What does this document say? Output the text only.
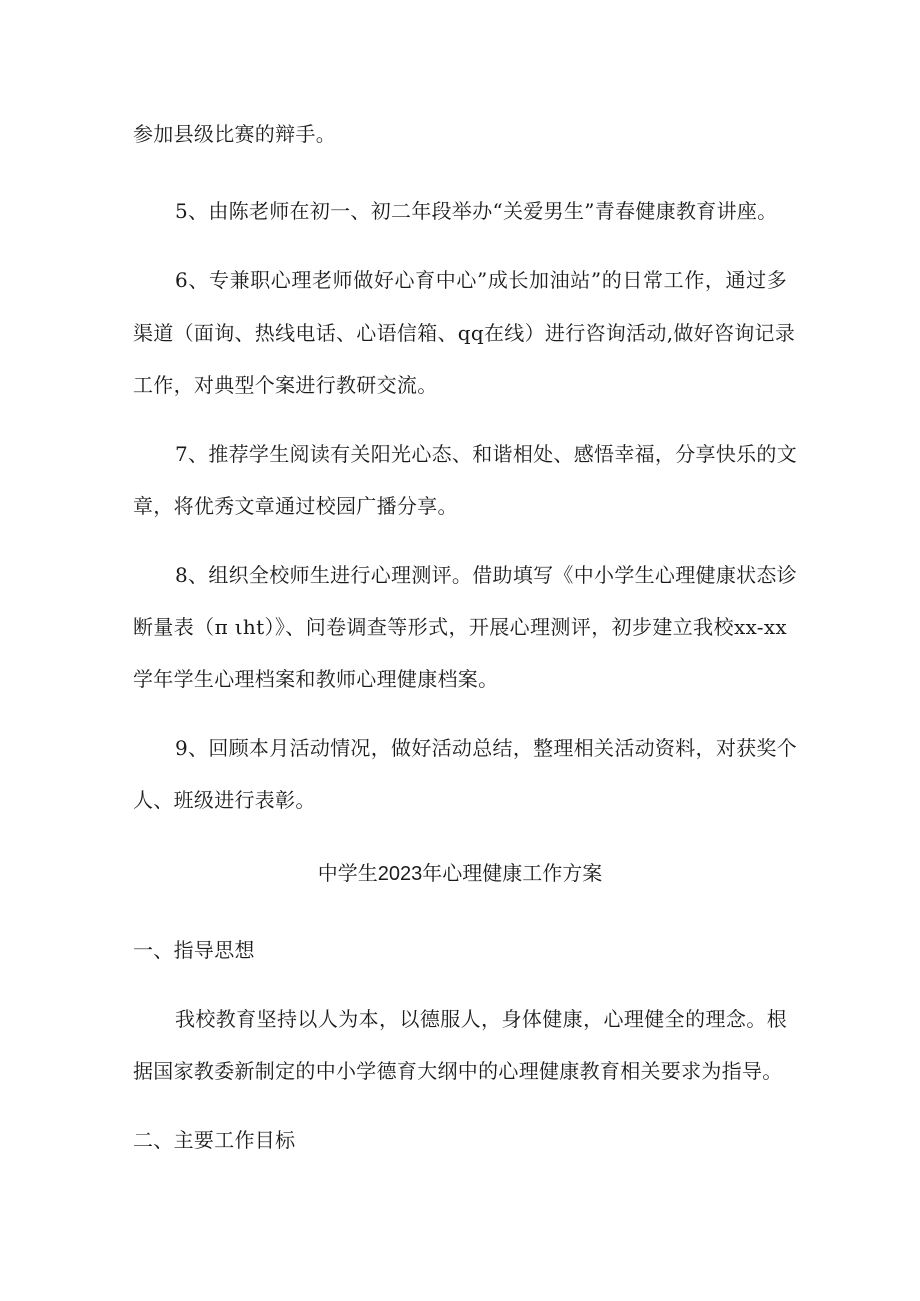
参加县级比赛的辩手。
5、由陈老师在初一、初二年段举办“关爱男生”青春健康教育讲座。
6、专兼职心理老师做好心育中心”成长加油站”的日常工作，通过多
渠道（面询、热线电话、心语信箱、qq在线）进行咨询活动,做好咨询记录
工作，对典型个案进行教研交流。
7、推荐学生阅读有关阳光心态、和谐相处、感悟幸福，分享快乐的文
章，将优秀文章通过校园广播分享。
8、组织全校师生进行心理测评。借助填写《中小学生心理健康状态诊
断量表（π ιht）》、问卷调查等形式，开展心理测评，初步建立我校xx-xx
学年学生心理档案和教师心理健康档案。
9、回顾本月活动情况，做好活动总结，整理相关活动资料，对获奖个
人、班级进行表彰。
中学生2023年心理健康工作方案
一、指导思想
我校教育坚持以人为本，以德服人，身体健康，心理健全的理念。根
据国家教委新制定的中小学德育大纲中的心理健康教育相关要求为指导。
二、主要工作目标
